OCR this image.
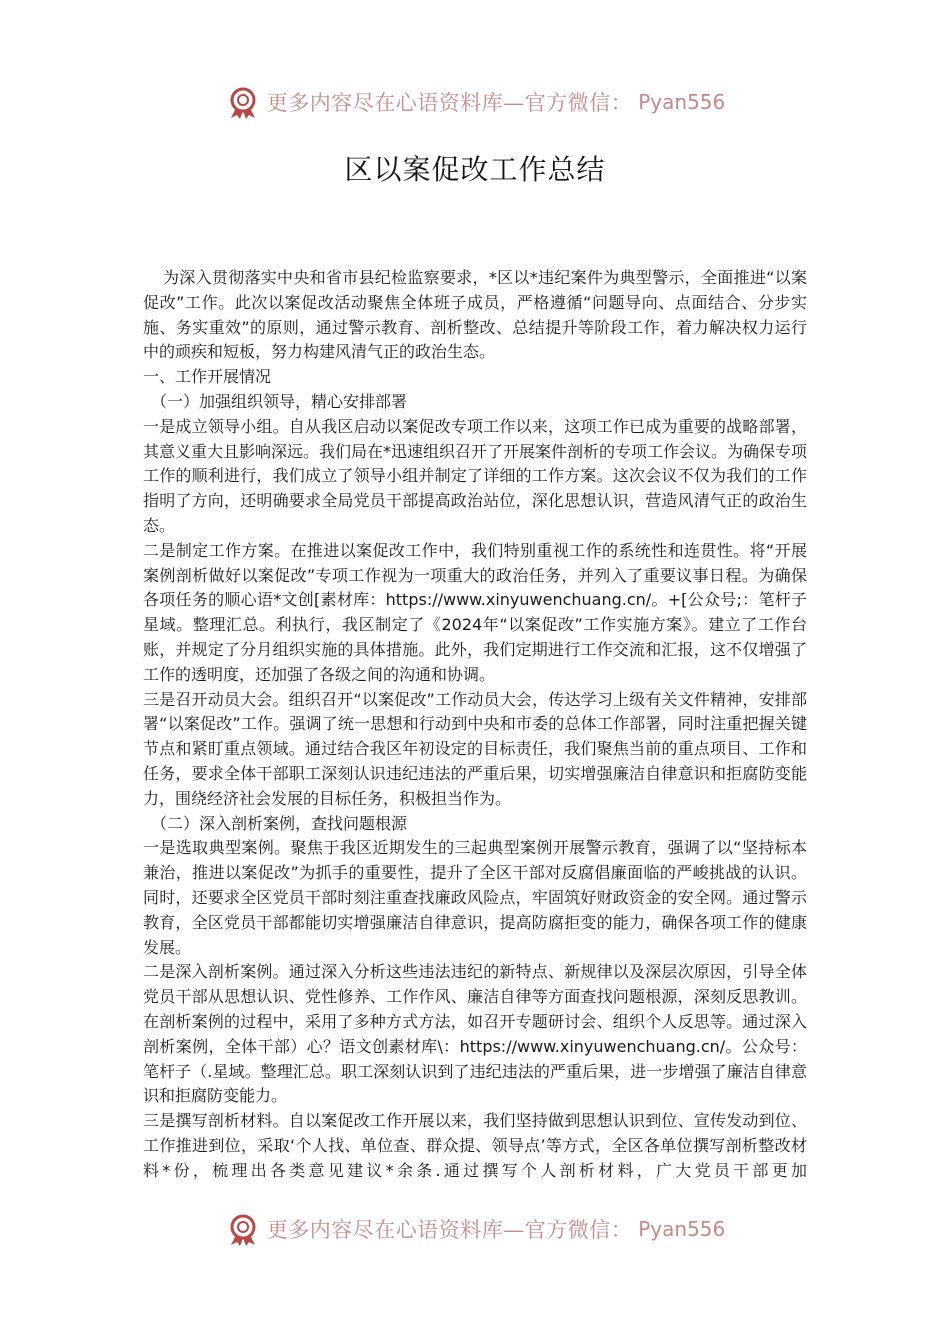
更多内容尽在心语资料库—官方微信： Pyan556
区以案促改工作总结

为深入贯彻落实中央和省市县纪检监察要求，*区以*违纪案件为典型警示，全面推进“以案促改”工作。此次以案促改活动聚焦全体班子成员，严格遵循“问题导向、点面结合、分步实施、务实重效”的原则，通过警示教育、剖析整改、总结提升等阶段工作，着力解决权力运行中的顽疾和短板，努力构建风清气正的政治生态。

一、工作开展情况

（一）加强组织领导，精心安排部署

一是成立领导小组。自从我区启动以案促改专项工作以来，这项工作已成为重要的战略部署，其意义重大且影响深远。我们局在*迅速组织召开了开展案件剖析的专项工作会议。为确保专项工作的顺利进行，我们成立了领导小组并制定了详细的工作方案。这次会议不仅为我们的工作指明了方向，还明确要求全局党员干部提高政治站位，深化思想认识，营造风清气正的政治生态。

二是制定工作方案。在推进以案促改工作中，我们特别重视工作的系统性和连贯性。将“开展案例剖析做好以案促改”专项工作视为一项重大的政治任务，并列入了重要议事日程。为确保各项任务的顺心语*文创[素材库：https://www.xinyuwenchuang.cn/。+[公众号;：笔杆子星域。整理汇总。利执行，我区制定了《2024年“以案促改”工作实施方案》。建立了工作台账，并规定了分月组织实施的具体措施。此外，我们定期进行工作交流和汇报，这不仅增强了工作的透明度，还加强了各级之间的沟通和协调。

三是召开动员大会。组织召开“以案促改”工作动员大会，传达学习上级有关文件精神，安排部署“以案促改”工作。强调了统一思想和行动到中央和市委的总体工作部署，同时注重把握关键节点和紧盯重点领域。通过结合我区年初设定的目标责任，我们聚焦当前的重点项目、工作和任务，要求全体干部职工深刻认识违纪违法的严重后果，切实增强廉洁自律意识和拒腐防变能力，围绕经济社会发展的目标任务，积极担当作为。

（二）深入剖析案例，查找问题根源

一是选取典型案例。聚焦于我区近期发生的三起典型案例开展警示教育，强调了以“坚持标本兼治，推进以案促改”为抓手的重要性，提升了全区干部对反腐倡廉面临的严峻挑战的认识。同时，还要求全区党员干部时刻注重查找廉政风险点，牢固筑好财政资金的安全网。通过警示教育，全区党员干部都能切实增强廉洁自律意识，提高防腐拒变的能力，确保各项工作的健康发展。

二是深入剖析案例。通过深入分析这些违法违纪的新特点、新规律以及深层次原因，引导全体党员干部从思想认识、党性修养、工作作风、廉洁自律等方面查找问题根源，深刻反思教训。在剖析案例的过程中，采用了多种方式方法，如召开专题研讨会、组织个人反思等。通过深入剖析案例，全体干部）心？语文创素材库\：https://www.xinyuwenchuang.cn/。公众号：笔杆子（.星域。整理汇总。职工深刻认识到了违纪违法的严重后果，进一步增强了廉洁自律意识和拒腐防变能力。

三是撰写剖析材料。自以案促改工作开展以来，我们坚持做到思想认识到位、宣传发动到位、工作推进到位，采取‘个人找、单位查、群众提、领导点’等方式，全区各单位撰写剖析整改材料*份，梳理出各类意见建议*余条.通过撰写个人剖析材料，广大党员干部更加

更多内容尽在心语资料库—官方微信： Pyan556
